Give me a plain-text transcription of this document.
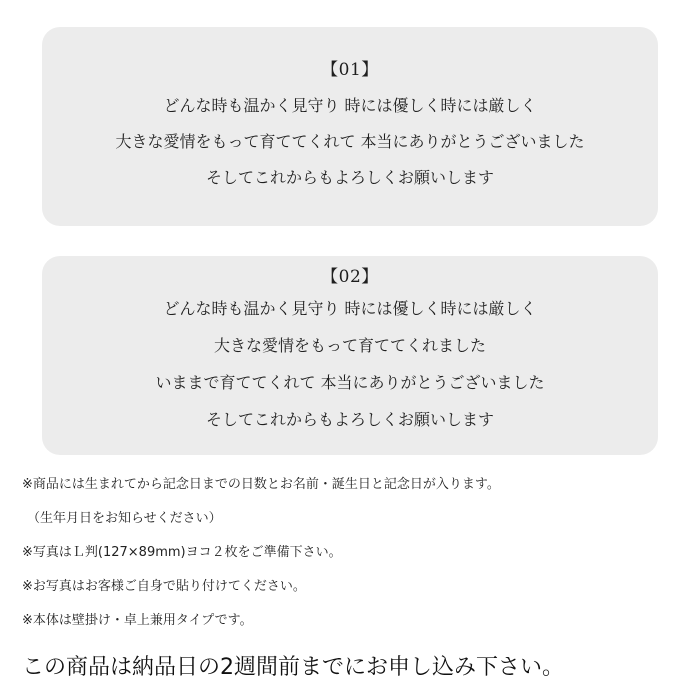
【01】
どんな時も温かく見守り 時には優しく時には厳しく
大きな愛情をもって育ててくれて 本当にありがとうございました
そしてこれからもよろしくお願いします
【02】
どんな時も温かく見守り 時には優しく時には厳しく
大きな愛情をもって育ててくれました
いままで育ててくれて 本当にありがとうございました
そしてこれからもよろしくお願いします
※商品には生まれてから記念日までの日数とお名前・誕生日と記念日が入ります。
（生年月日をお知らせください）
※写真はＬ判(127×89mm)ヨコ２枚をご準備下さい。
※お写真はお客様ご自身で貼り付けてください。
※本体は壁掛け・卓上兼用タイプです。
この商品は納品日の2週間前までにお申し込み下さい。
